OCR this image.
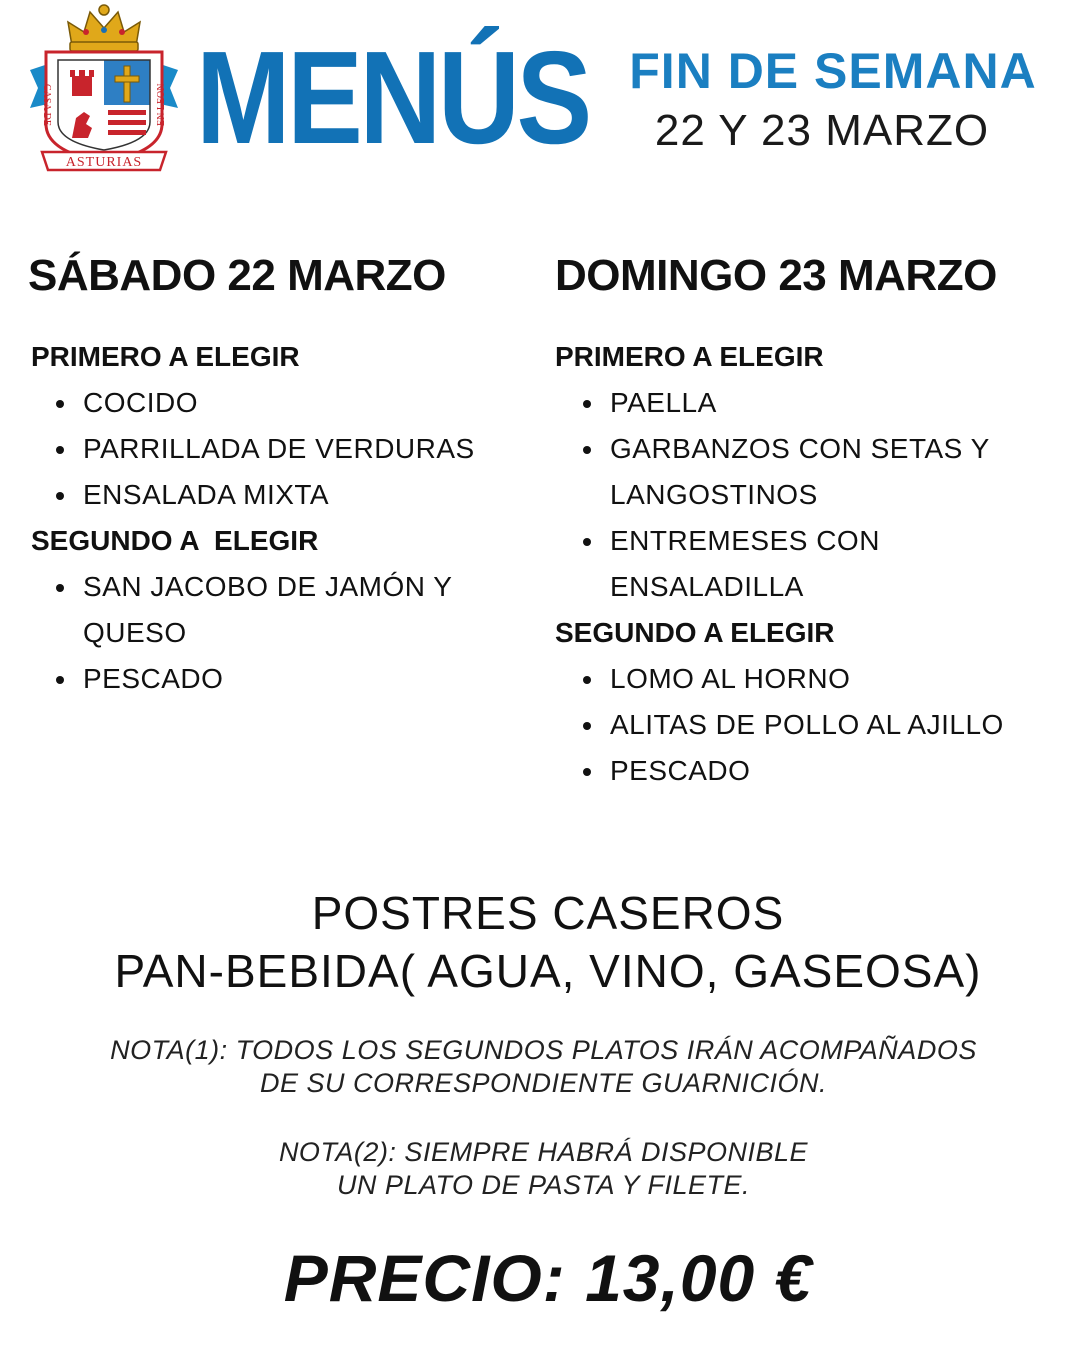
ASTURIAS
CASA DE	EN LEON MENÚS FIN DE SEMANA
22 Y 23 MARZO
SÁBADO 22 MARZO
PRIMERO A ELEGIR
COCIDO
PARRILLADA DE VERDURAS
ENSALADA MIXTA
SEGUNDO A  ELEGIR
SAN JACOBO DE JAMÓN Y QUESO
PESCADO
DOMINGO 23 MARZO
PRIMERO A ELEGIR
PAELLA
GARBANZOS CON SETAS Y LANGOSTINOS
ENTREMESES CON ENSALADILLA
SEGUNDO A ELEGIR
LOMO AL HORNO
ALITAS DE POLLO AL AJILLO
PESCADO
POSTRES CASEROS
PAN-BEBIDA( AGUA, VINO, GASEOSA)
NOTA(1): TODOS LOS SEGUNDOS PLATOS IRÁN ACOMPAÑADOS
DE SU CORRESPONDIENTE GUARNICIÓN.
NOTA(2): SIEMPRE HABRÁ DISPONIBLE
UN PLATO DE PASTA Y FILETE.
PRECIO: 13,00 €
